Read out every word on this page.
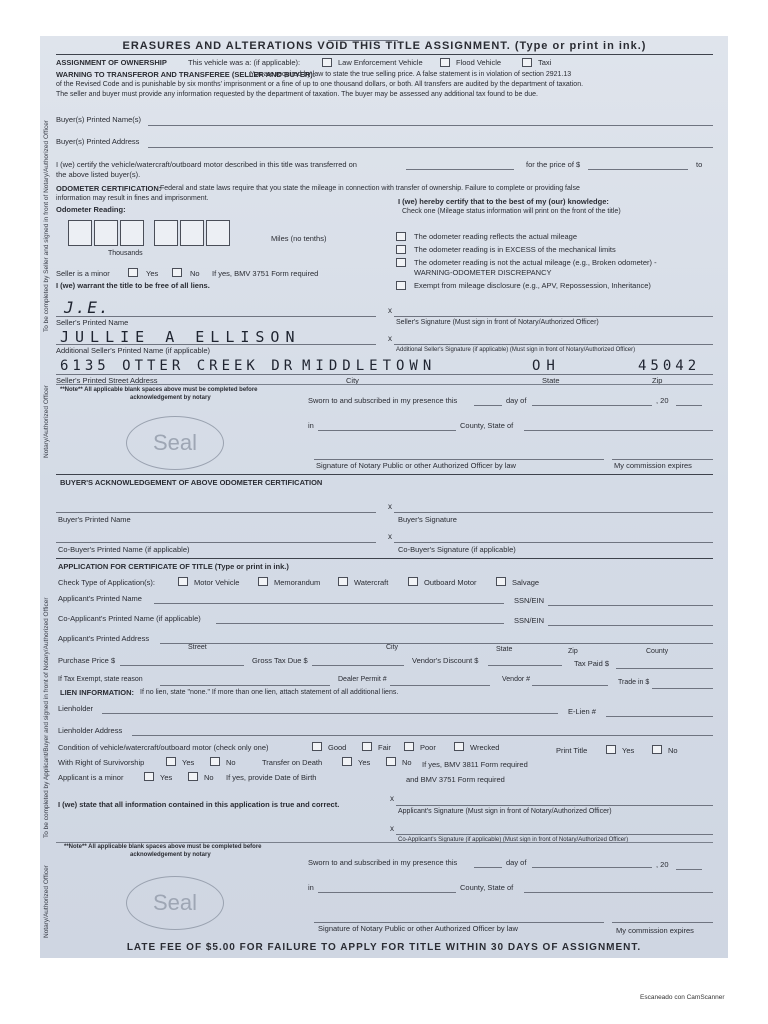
ERASURES AND ALTERATIONS VOID THIS TITLE ASSIGNMENT. (Type or print in ink.)
ASSIGNMENT OF OWNERSHIP	This vehicle was a: (if applicable):	Law Enforcement Vehicle	Flood Vehicle	Taxi
WARNING TO TRANSFEROR AND TRANSFEREE (SELLER AND BUYER):
You are required by law to state the true selling price. A false statement is in violation of section 2921.13
of the Revised Code and is punishable by six months' imprisonment or a fine of up to one thousand dollars, or both. All transfers are audited by the department of taxation.
The seller and buyer must provide any information requested by the department of taxation. The buyer may be assessed any additional tax found to be due.
Buyer(s) Printed Name(s)
Buyer(s) Printed Address
I (we) certify the vehicle/watercraft/outboard motor described in this title was transferred on	for the price of $	to
the above listed buyer(s).
ODOMETER CERTIFICATION:
Federal and state laws require that you state the mileage in connection with transfer of ownership. Failure to complete or providing false
information may result in fines and imprisonment.
Odometer Reading:
I (we) hereby certify that to the best of my (our) knowledge:
Check one (Mileage status information will print on the front of the title)
Miles (no tenths)
Thousands
The odometer reading reflects the actual mileage
The odometer reading is in EXCESS of the mechanical limits
The odometer reading is not the actual mileage (e.g., Broken odometer) -
WARNING-ODOMETER DISCREPANCY
Exempt from mileage disclosure (e.g., APV, Repossession, Inheritance)
Seller is a minor	Yes	No If yes, BMV 3751 Form required
I (we) warrant the title to be free of all liens.
J.E.
Seller's Printed Name
x
Seller's Signature (Must sign in front of Notary/Authorized Officer)
JULLIE A ELLISON
Additional Seller's Printed Name (if applicable)
x
Additional Seller's Signature (if applicable) (Must sign in front of Notary/Authorized Officer)
6135 OTTER CREEK DR MIDDLETOWN	OH	45042
Seller's Printed Street Address	City	State	Zip
**Note** All applicable blank spaces above must be completed before
acknowledgement by notary	Sworn to and subscribed in my presence this	day of	, 20
Seal
in	County, State of
Signature of Notary Public or other Authorized Officer by law	My commission expires
BUYER'S ACKNOWLEDGEMENT OF ABOVE ODOMETER CERTIFICATION
Buyer's Printed Name
x
Buyer's Signature
Co-Buyer's Printed Name (if applicable)
x
Co-Buyer's Signature (if applicable)
APPLICATION FOR CERTIFICATE OF TITLE (Type or print in ink.)
Check Type of Application(s):	Motor Vehicle	Memorandum	Watercraft	Outboard Motor	Salvage
Applicant's Printed Name	SSN/EIN
Co-Applicant's Printed Name (if applicable)	SSN/EIN
Applicant's Printed Address
Street	City	State	Zip	County
Purchase Price $	Gross Tax Due $	Vendor's Discount $	Tax Paid $
If Tax Exempt, state reason	Dealer Permit #	Vendor #	Trade in $
LIEN INFORMATION: If no lien, state "none." If more than one lien, attach statement of all additional liens.
Lienholder	E-Lien #
Lienholder Address
Condition of vehicle/watercraft/outboard motor (check only one)	Good	Fair	Poor	Wrecked	Print Title	Yes	No
With Right of Survivorship	Yes	No	Transfer on Death	Yes	No If yes, BMV 3811 Form required
Applicant is a minor	Yes	No If yes, provide Date of Birth	and BMV 3751 Form required
I (we) state that all information contained in this application is true and correct.
x
Applicant's Signature (Must sign in front of Notary/Authorized Officer)
x
Co-Applicant's Signature (if applicable) (Must sign in front of Notary/Authorized Officer)
**Note** All applicable blank spaces above must be completed before
acknowledgement by notary
Sworn to and subscribed in my presence this	day of	, 20
Seal
in	County, State of
Signature of Notary Public or other Authorized Officer by law	My commission expires
To be completed by Seller and signed in front of Notary/Authorized Officer
Notary/Authorized Officer
To be completed by Applicant/Buyer and signed in front of Notary/Authorized Officer
Notary/Authorized Officer
LATE FEE OF $5.00 FOR FAILURE TO APPLY FOR TITLE WITHIN 30 DAYS OF ASSIGNMENT.
Escaneado con CamScanner
